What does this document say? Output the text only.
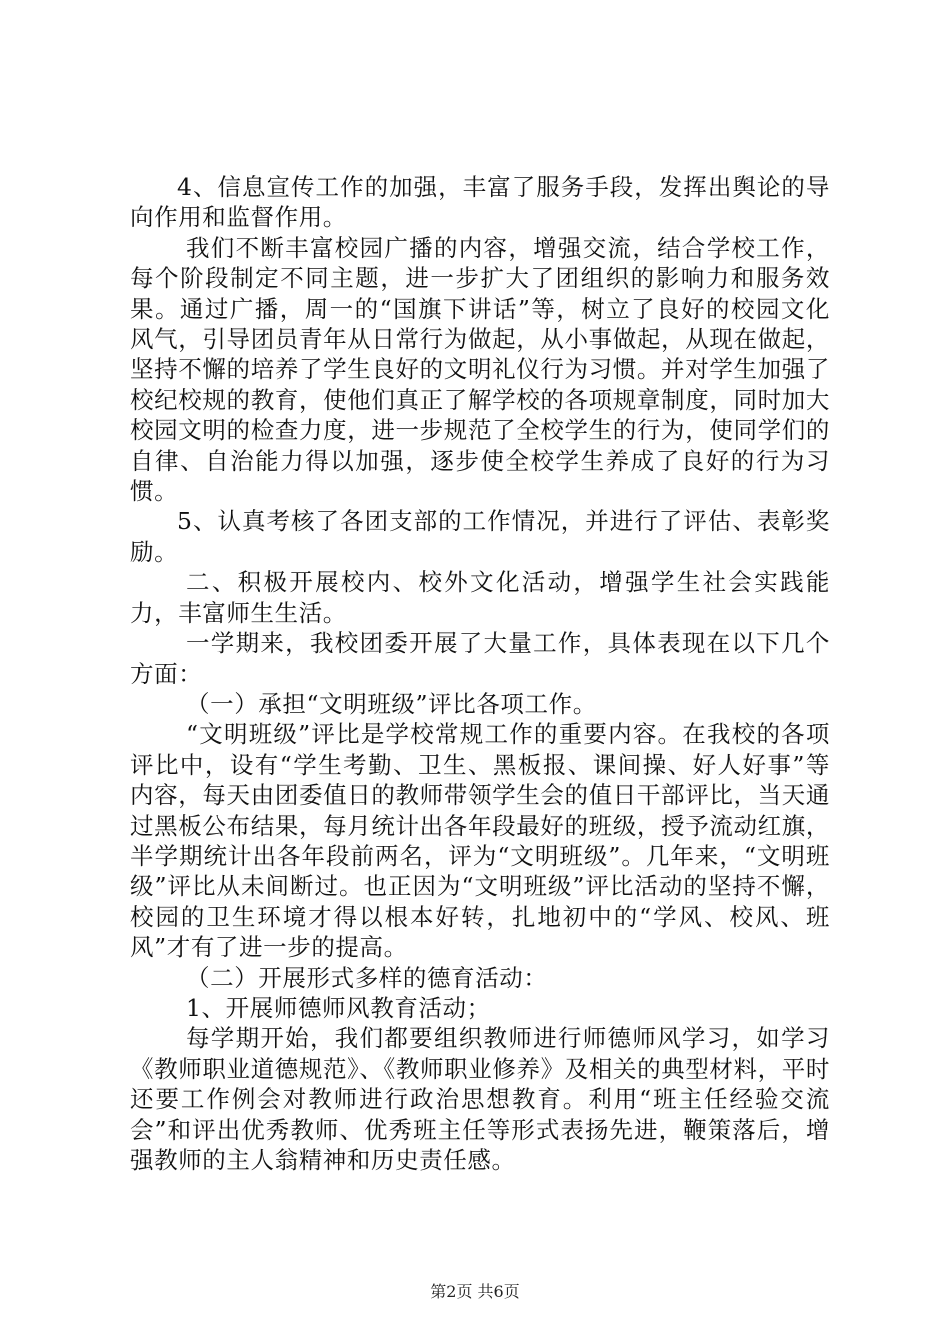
4、信息宣传工作的加强，丰富了服务手段，发挥出舆论的导向作用和监督作用。

我们不断丰富校园广播的内容，增强交流，结合学校工作，每个阶段制定不同主题，进一步扩大了团组织的影响力和服务效果。通过广播，周一的“国旗下讲话”等，树立了良好的校园文化风气，引导团员青年从日常行为做起，从小事做起，从现在做起，坚持不懈的培养了学生良好的文明礼仪行为习惯。并对学生加强了校纪校规的教育，使他们真正了解学校的各项规章制度，同时加大校园文明的检查力度，进一步规范了全校学生的行为，使同学们的自律、自治能力得以加强，逐步使全校学生养成了良好的行为习惯。

5、认真考核了各团支部的工作情况，并进行了评估、表彰奖励。

二、积极开展校内、校外文化活动，增强学生社会实践能力，丰富师生生活。

一学期来，我校团委开展了大量工作，具体表现在以下几个方面：

（一）承担“文明班级”评比各项工作。

“文明班级”评比是学校常规工作的重要内容。在我校的各项评比中，设有“学生考勤、卫生、黑板报、课间操、好人好事”等内容，每天由团委值日的教师带领学生会的值日干部评比，当天通过黑板公布结果，每月统计出各年段最好的班级，授予流动红旗，半学期统计出各年段前两名，评为“文明班级”。几年来，“文明班级”评比从未间断过。也正因为“文明班级”评比活动的坚持不懈，校园的卫生环境才得以根本好转，扎地初中的“学风、校风、班风”才有了进一步的提高。

（二）开展形式多样的德育活动：

1、开展师德师风教育活动；

每学期开始，我们都要组织教师进行师德师风学习，如学习《教师职业道德规范》、《教师职业修养》及相关的典型材料，平时还要工作例会对教师进行政治思想教育。利用“班主任经验交流会”和评出优秀教师、优秀班主任等形式表扬先进，鞭策落后，增强教师的主人翁精神和历史责任感。

第2页 共6页
